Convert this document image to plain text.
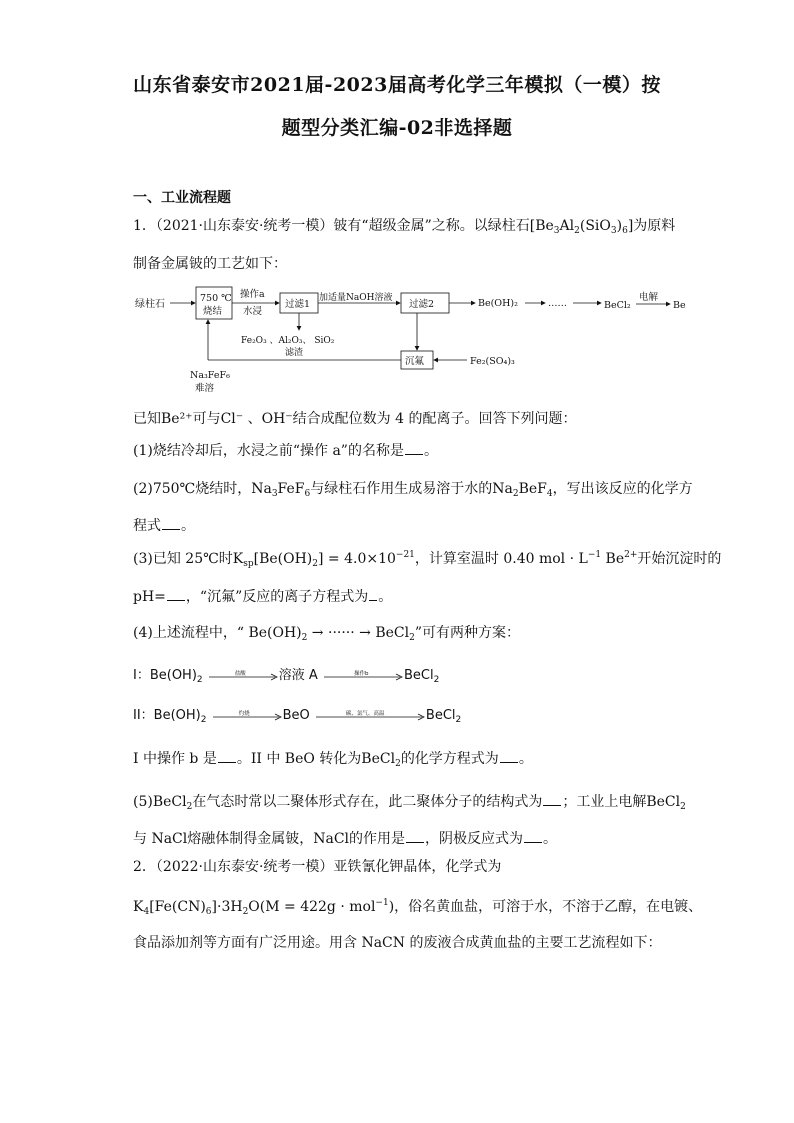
山东省泰安市2021届-2023届高考化学三年模拟（一模）按
题型分类汇编-02非选择题
一、工业流程题
1．（2021·山东泰安·统考一模）铍有“超级金属”之称。以绿柱石$[Be_3Al_2(SiO_3)_6]$为原料
制备金属铍的工艺如下：
绿柱石
750 ℃
烧结
操作a
水浸
过滤1
加适量NaOH溶液
过滤2	Be(OH)₂	……	BeCl₂
电解
Be
Fe₂O₃ 、Al₂O₃、 SiO₂
滤渣
沉氟	Fe₂(SO₄)₃
Na₃FeF₆
难溶
已知Be²⁺可与Cl⁻ 、OH⁻结合成配位数为 4 的配离子。回答下列问题：
(1)烧结冷却后，水浸之前“操作 a”的名称是 。
(2)750℃烧结时，$Na_3FeF_6$与绿柱石作用生成易溶于水的$Na_2BeF_4$，写出该反应的化学方
程式 。
(3)已知 25℃时$K_{sp}[Be(OH)_2] = 4.0\times 10^{-21}$，计算室温时 0.40 mol · $L^{-1}$ $Be^{2+}$开始沉淀时的
pH= ，“沉氟”反应的离子方程式为 。
(4)上述流程中，“ $Be(OH)_2$ → ······ → BeCl$_2$”可有两种方案：
I：$Be(OH)_2$
盐酸	溶液 A	操作b	BeCl$_2$
II：$Be(OH)_2$
灼烧	BeO	碳、氯气、高温	BeCl$_2$
I 中操作 b 是 。II 中 BeO 转化为BeCl$_2$的化学方程式为 。
(5)BeCl$_2$在气态时常以二聚体形式存在，此二聚体分子的结构式为 ；工业上电解BeCl$_2$
与 NaCl熔融体制得金属铍，NaCl的作用是 ，阴极反应式为 。
2．（2022·山东泰安·统考一模）亚铁氰化钾晶体，化学式为
$K_4[Fe(CN)_6]\cdot 3H_2O(M = 422g \cdot mol^{-1})$，俗名黄血盐，可溶于水，不溶于乙醇，在电镀、
食品添加剂等方面有广泛用途。用含 NaCN 的废液合成黄血盐的主要工艺流程如下：
